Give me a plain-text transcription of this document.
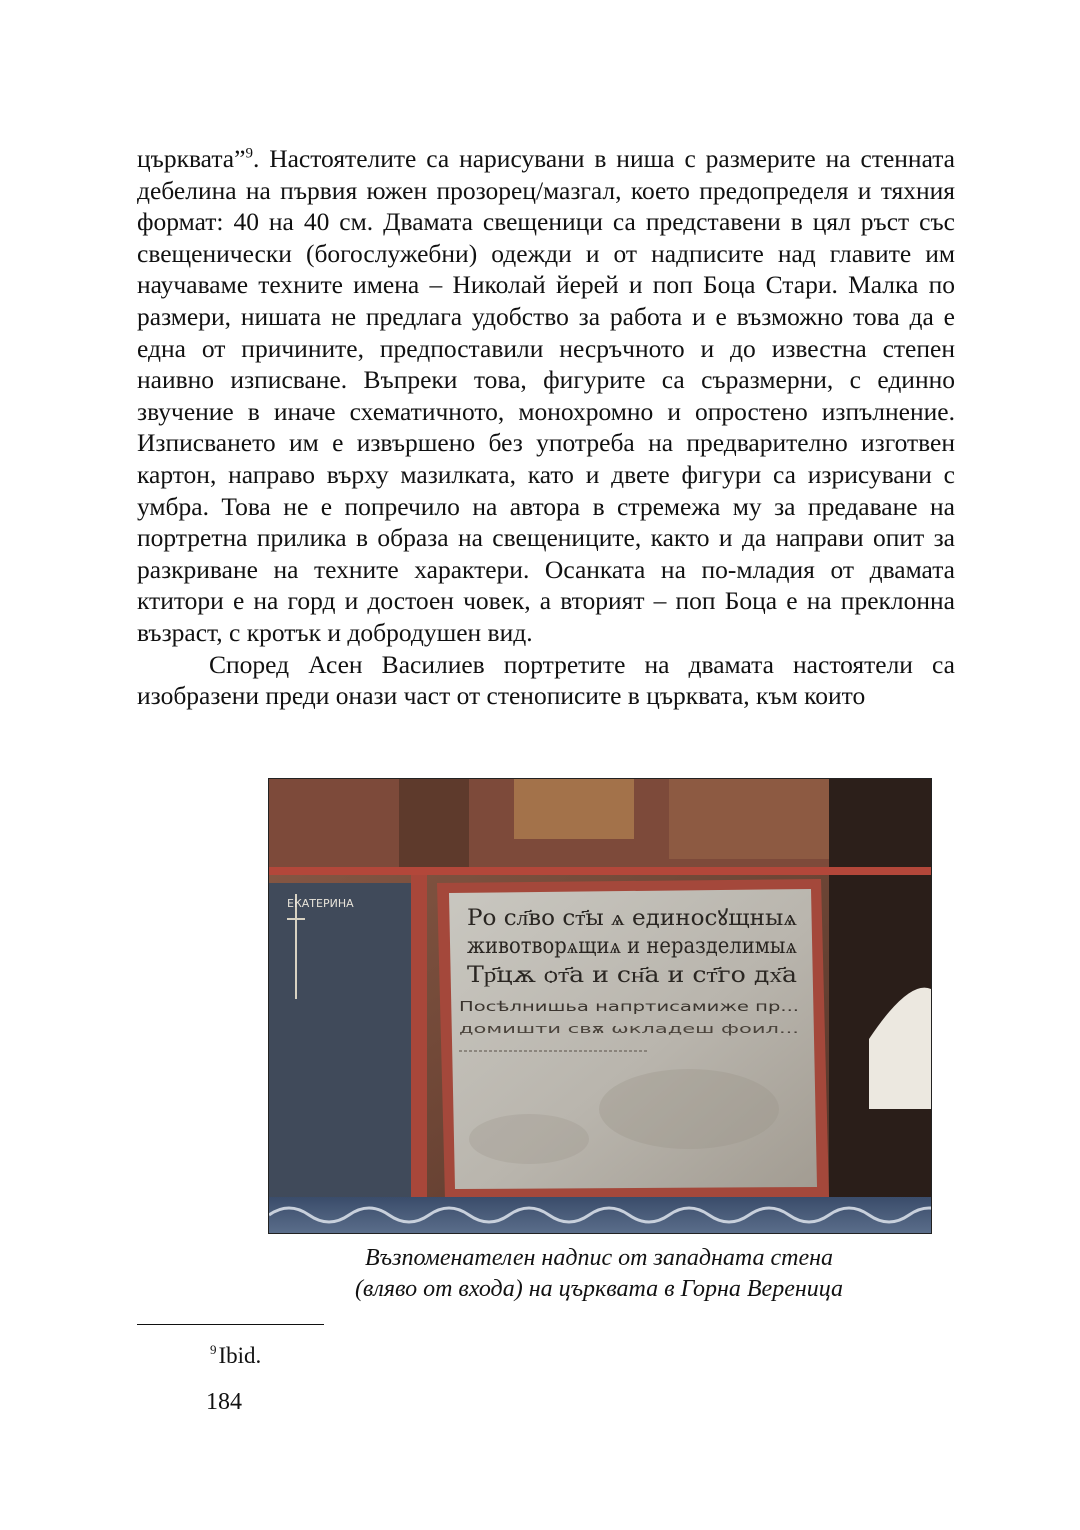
църквата”$^9$. Настоятелите са нарисувани в ниша с размерите на стенната дебелина на първия южен прозорец/мазгал, което предопределя и тяхния формат: 40 на 40 см. Двамата свещеници са представени в цял ръст със свещенически (богослужебни) одежди и от надписите над главите им научаваме техните имена – Николай йерей и поп Боца Стари. Малка по размери, нишата не предлага удобство за работа и е възможно това да е една от причините, предпоставили несръчното и до известна степен наивно изписване. Въпреки това, фигурите са съразмерни, с единно звучение в иначе схематичното, монохромно и опростено изпълнение. Изписването им е извършено без употреба на предварително изготвен картон, направо върху мазилката, като и двете фигури са изрисувани с умбра. Това не е попречило на автора в стремежа му за предаване на портретна прилика в образа на свещениците, както и да направи опит за разкриване на техните характери. Осанката на по-младия от двамата ктитори е на горд и достоен човек, а вторият – поп Боца е на преклонна възраст, с кротък и добродушен вид.

Според Асен Василиев портретите на двамата настоятели са изобразени преди онази част от стенописите в църквата, към които

ЕКАТЕРИНА
Ро сл҃во ст҃ы ѧ единосꙋщныѧ
животворѧщиѧ и неразделимыѧ
Тр҃цѫ ѻт҃а и сн҃а и ст҃го дх҃а
Посѣлнишьа напртисамиже пр...
домишти свѫ ѡкладеш фоил...
Възпоменателен надпис от западната стена
(вляво от входа) на църквата в Горна Вереница
$^9$Ibid.
184
